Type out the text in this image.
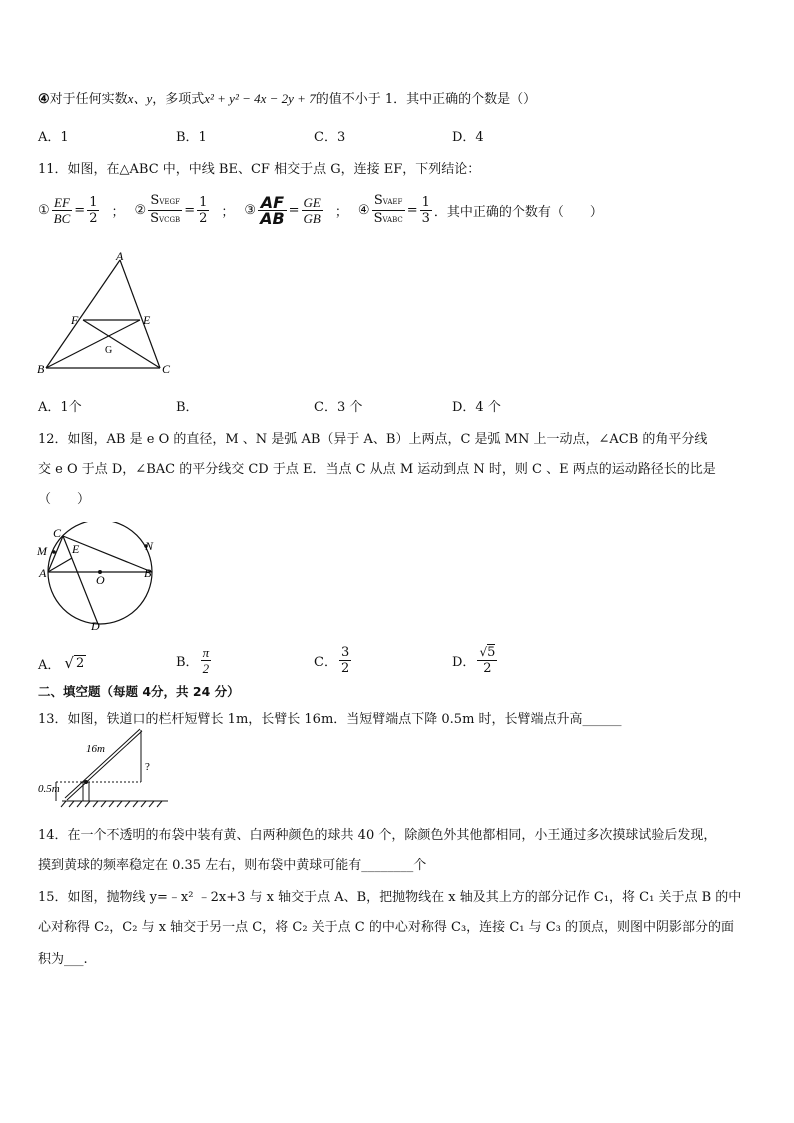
④对于任何实数x、y，多项式x² + y² − 4x − 2y + 7的值不小于 1．其中正确的个数是（）
A．1	B．1	C．3	D．4
11．如图，在△ABC 中，中线 BE、CF 相交于点 G，连接 EF，下列结论：
① $\frac{EF}{BC} = \frac{1}{2}$ ； ② $\frac{\text{SVEGF}}{\text{SVCGB}} = \frac{1}{2}$ ； ③ $\frac{AF}{AB} = \frac{GE}{GB}$ ； ④ $\frac{\text{SVAEF}}{\text{SVABC}} = \frac{1}{3}$ ．其中正确的个数有（　　）
A
F	E
G
B	C
A．1个	B．	C．3 个	D．4 个
12．如图，AB 是 e O 的直径，M 、N 是弧 AB（异于 A、B）上两点，C 是弧 MN 上一动点，∠ACB 的角平分线
交 e O 于点 D，∠BAC 的平分线交 CD 于点 E．当点 C 从点 M 运动到点 N 时，则 C 、E 两点的运动路径长的比是
（　　）
C
E
M	N
A	O	B
D
A． √ 2	B． $\frac{\pi}{2}$	C． $\frac{3}{2}$	D． $\frac{√5}{2}$
二、填空题（每题 4分，共 24 分）
13．如图，铁道口的栏杆短臂长 1m，长臂长 16m．当短臂端点下降 0.5m 时，长臂端点升高______
16m
0.5m
?
14．在一个不透明的布袋中装有黄、白两种颜色的球共 40 个，除颜色外其他都相同，小王通过多次摸球试验后发现，
摸到黄球的频率稳定在 0.35 左右，则布袋中黄球可能有________个
15．如图，抛物线 y=﹣x² ﹣2x+3 与 x 轴交于点 A、B，把抛物线在 x 轴及其上方的部分记作 C₁，将 C₁ 关于点 B 的中
心对称得 C₂，C₂ 与 x 轴交于另一点 C，将 C₂ 关于点 C 的中心对称得 C₃，连接 C₁ 与 C₃ 的顶点，则图中阴影部分的面
积为___.
